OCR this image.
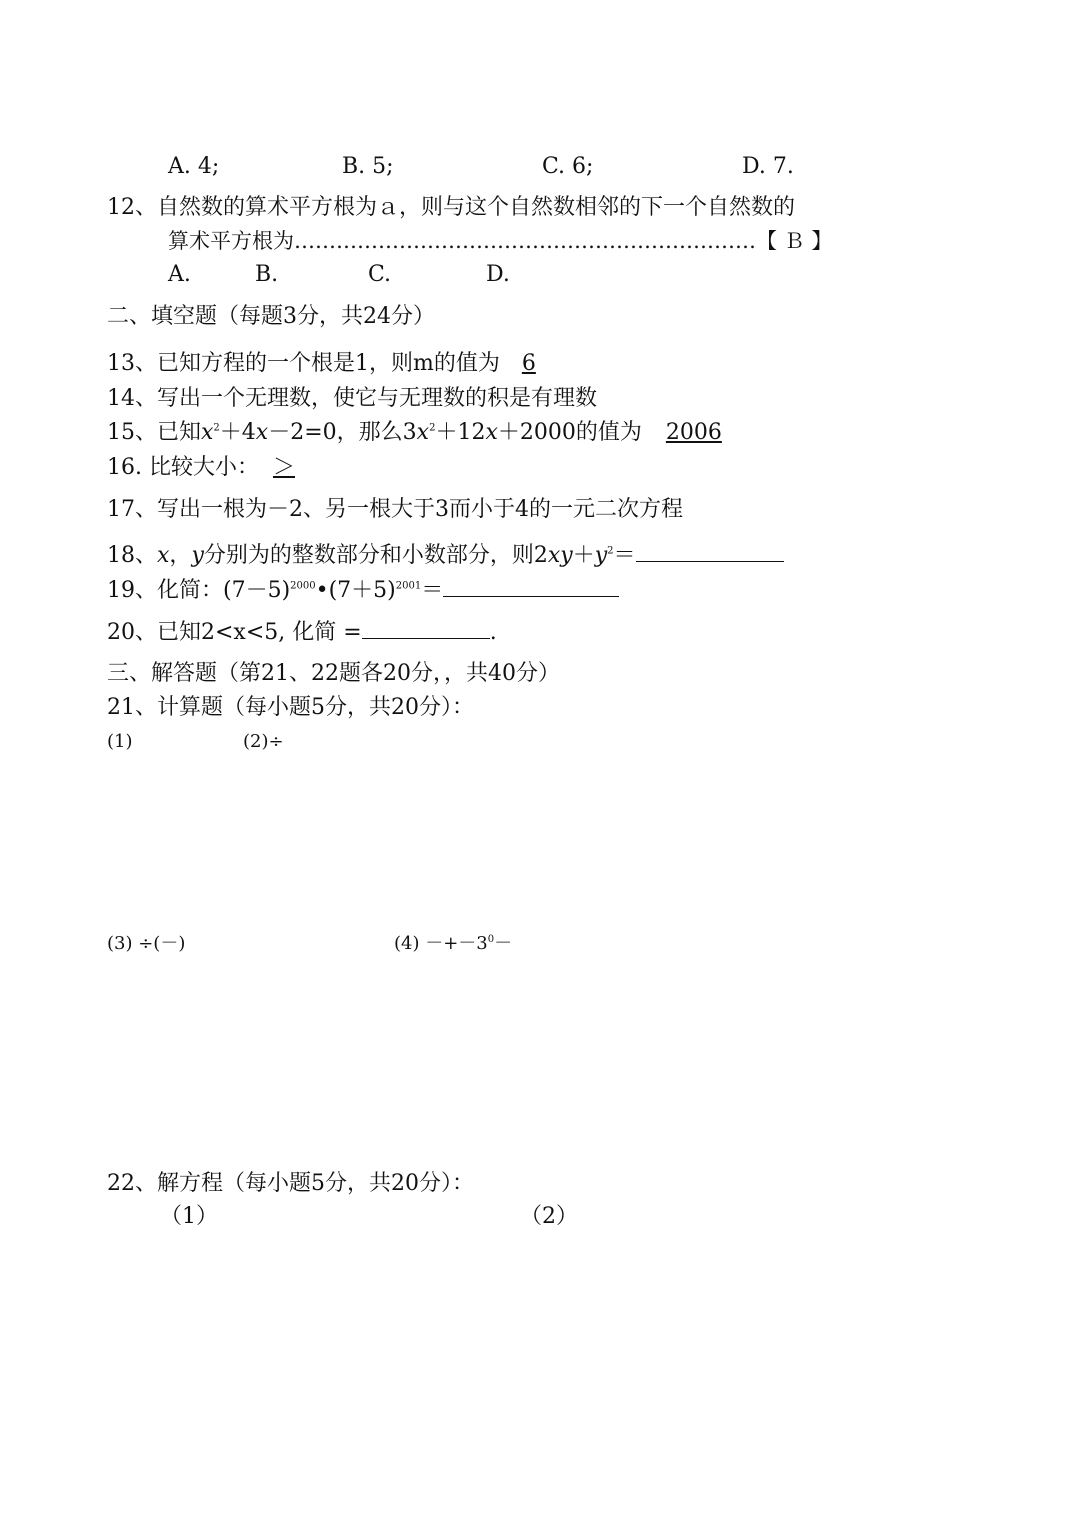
A. 4;	B. 5;	C. 6;	D. 7.
12、自然数的算术平方根为ａ，则与这个自然数相邻的下一个自然数的
算术平方根为…………………………………………………………【 Ｂ 】
A.	B.	C.	D.
二、填空题（每题3分，共24分）
13、已知方程的一个根是1，则m的值为 6
14、写出一个无理数，使它与无理数的积是有理数
15、已知$x^2+4x-2=0$，那么$3x^2+12x+2000$的值为 2006
16. 比较大小： ＞
17、写出一根为－2、另一根大于3而小于4的一元二次方程
18、x，y分别为的整数部分和小数部分，则$2xy+y^2=$
19、化简：$(7-5)^{2000}•(7+5)^{2001}=$
20、已知2<x<5, 化简 =	.
三、解答题（第21、22题各20分，，共40分）
21、计算题（每小题5分，共20分）：
(1)	(2)÷
(3) ÷(－)	$(4) -+-3^0-$
22、解方程（每小题5分，共20分）：
（1）	（2）
